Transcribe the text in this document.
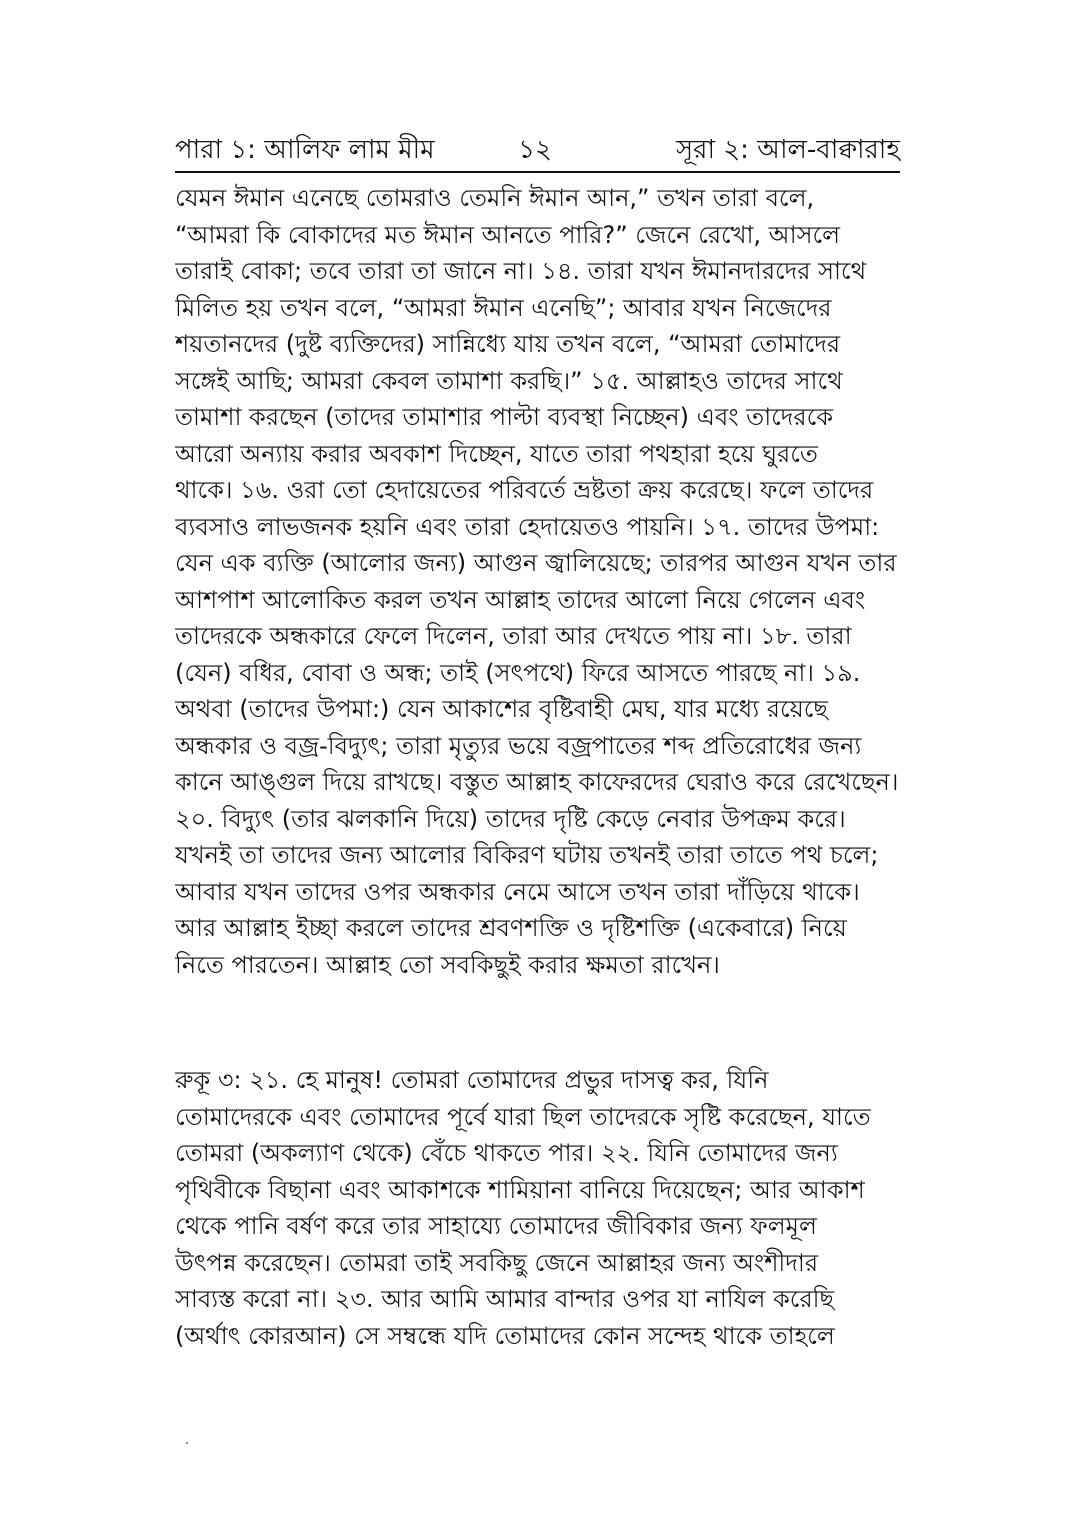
পারা ১: আলিফ লাম মীম	১২	সূরা ২: আল-বাক্বারাহ
যেমন ঈমান এনেছে তোমরাও তেমনি ঈমান আন,” তখন তারা বলে,
“আমরা কি বোকাদের মত ঈমান আনতে পারি?” জেনে রেখো, আসলে
তারাই বোকা; তবে তারা তা জানে না। ১৪. তারা যখন ঈমানদারদের সাথে
মিলিত হয় তখন বলে, “আমরা ঈমান এনেছি”; আবার যখন নিজেদের
শয়তানদের (দুষ্ট ব্যক্তিদের) সান্নিধ্যে যায় তখন বলে, “আমরা তোমাদের
সঙ্গেই আছি; আমরা কেবল তামাশা করছি।” ১৫. আল্লাহও তাদের সাথে
তামাশা করছেন (তাদের তামাশার পাল্টা ব্যবস্থা নিচ্ছেন) এবং তাদেরকে
আরো অন্যায় করার অবকাশ দিচ্ছেন, যাতে তারা পথহারা হয়ে ঘুরতে
থাকে। ১৬. ওরা তো হেদায়েতের পরিবর্তে ভ্রষ্টতা ক্রয় করেছে। ফলে তাদের
ব্যবসাও লাভজনক হয়নি এবং তারা হেদায়েতও পায়নি। ১৭. তাদের উপমা:
যেন এক ব্যক্তি (আলোর জন্য) আগুন জ্বালিয়েছে; তারপর আগুন যখন তার
আশপাশ আলোকিত করল তখন আল্লাহ তাদের আলো নিয়ে গেলেন এবং
তাদেরকে অন্ধকারে ফেলে দিলেন, তারা আর দেখতে পায় না। ১৮. তারা
(যেন) বধির, বোবা ও অন্ধ; তাই (সৎপথে) ফিরে আসতে পারছে না। ১৯.
অথবা (তাদের উপমা:) যেন আকাশের বৃষ্টিবাহী মেঘ, যার মধ্যে রয়েছে
অন্ধকার ও বজ্র-বিদ্যুৎ; তারা মৃত্যুর ভয়ে বজ্রপাতের শব্দ প্রতিরোধের জন্য
কানে আঙ্গুল দিয়ে রাখছে। বস্তুত আল্লাহ কাফেরদের ঘেরাও করে রেখেছেন।
২০. বিদ্যুৎ (তার ঝলকানি দিয়ে) তাদের দৃষ্টি কেড়ে নেবার উপক্রম করে।
যখনই তা তাদের জন্য আলোর বিকিরণ ঘটায় তখনই তারা তাতে পথ চলে;
আবার যখন তাদের ওপর অন্ধকার নেমে আসে তখন তারা দাঁড়িয়ে থাকে।
আর আল্লাহ ইচ্ছা করলে তাদের শ্রবণশক্তি ও দৃষ্টিশক্তি (একেবারে) নিয়ে
নিতে পারতেন। আল্লাহ তো সবকিছুই করার ক্ষমতা রাখেন।
রুকূ ৩: ২১. হে মানুষ! তোমরা তোমাদের প্রভুর দাসত্ব কর, যিনি
তোমাদেরকে এবং তোমাদের পূর্বে যারা ছিল তাদেরকে সৃষ্টি করেছেন, যাতে
তোমরা (অকল্যাণ থেকে) বেঁচে থাকতে পার। ২২. যিনি তোমাদের জন্য
পৃথিবীকে বিছানা এবং আকাশকে শামিয়ানা বানিয়ে দিয়েছেন; আর আকাশ
থেকে পানি বর্ষণ করে তার সাহায্যে তোমাদের জীবিকার জন্য ফলমূল
উৎপন্ন করেছেন। তোমরা তাই সবকিছু জেনে আল্লাহর জন্য অংশীদার
সাব্যস্ত করো না। ২৩. আর আমি আমার বান্দার ওপর যা নাযিল করেছি
(অর্থাৎ কোরআন) সে সম্বন্ধে যদি তোমাদের কোন সন্দেহ থাকে তাহলে
